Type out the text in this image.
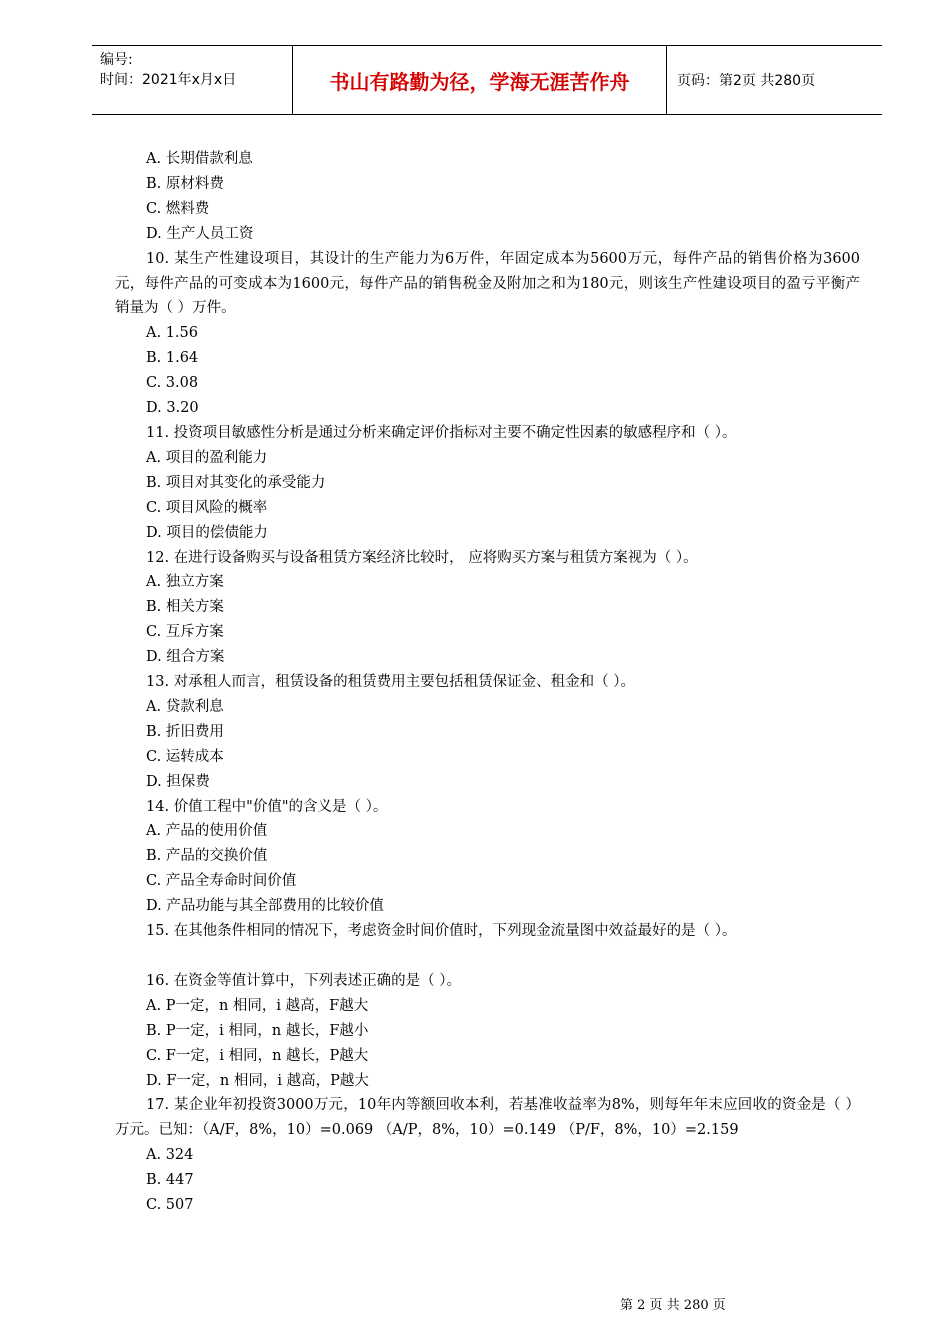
编号:
时间：2021年x月x日	书山有路勤为径，学海无涯苦作舟	页码：第2页 共280页
A. 长期借款利息
B. 原材料费
C. 燃料费
D. 生产人员工资
10. 某生产性建设项目，其设计的生产能力为6万件，年固定成本为5600万元，每件产品的销售价格为3600元，每件产品的可变成本为1600元，每件产品的销售税金及附加之和为180元，则该生产性建设项目的盈亏平衡产销量为（ ）万件。
A. 1.56
B. 1.64
C. 3.08
D. 3.20
11. 投资项目敏感性分析是通过分析来确定评价指标对主要不确定性因素的敏感程序和（ ）。
A. 项目的盈利能力
B. 项目对其变化的承受能力
C. 项目风险的概率
D. 项目的偿债能力
12. 在进行设备购买与设备租赁方案经济比较时， 应将购买方案与租赁方案视为（ ）。
A. 独立方案
B. 相关方案
C. 互斥方案
D. 组合方案
13. 对承租人而言，租赁设备的租赁费用主要包括租赁保证金、租金和（ ）。
A. 贷款利息
B. 折旧费用
C. 运转成本
D. 担保费
14. 价值工程中"价值"的含义是（ ）。
A. 产品的使用价值
B. 产品的交换价值
C. 产品全寿命时间价值
D. 产品功能与其全部费用的比较价值
15. 在其他条件相同的情况下，考虑资金时间价值时，下列现金流量图中效益最好的是（ ）。
16. 在资金等值计算中，下列表述正确的是（ ）。
A. P一定，n 相同，i 越高，F越大
B. P一定，i 相同，n 越长，F越小
C. F一定，i 相同，n 越长，P越大
D. F一定，n 相同，i 越高，P越大
17. 某企业年初投资3000万元，10年内等额回收本利，若基准收益率为8%，则每年年末应回收的资金是（ ）万元。已知：（A/F，8%，10）=0.069 （A/P，8%，10）=0.149 （P/F，8%，10）=2.159
A. 324
B. 447
C. 507
第 2 页 共 280 页
